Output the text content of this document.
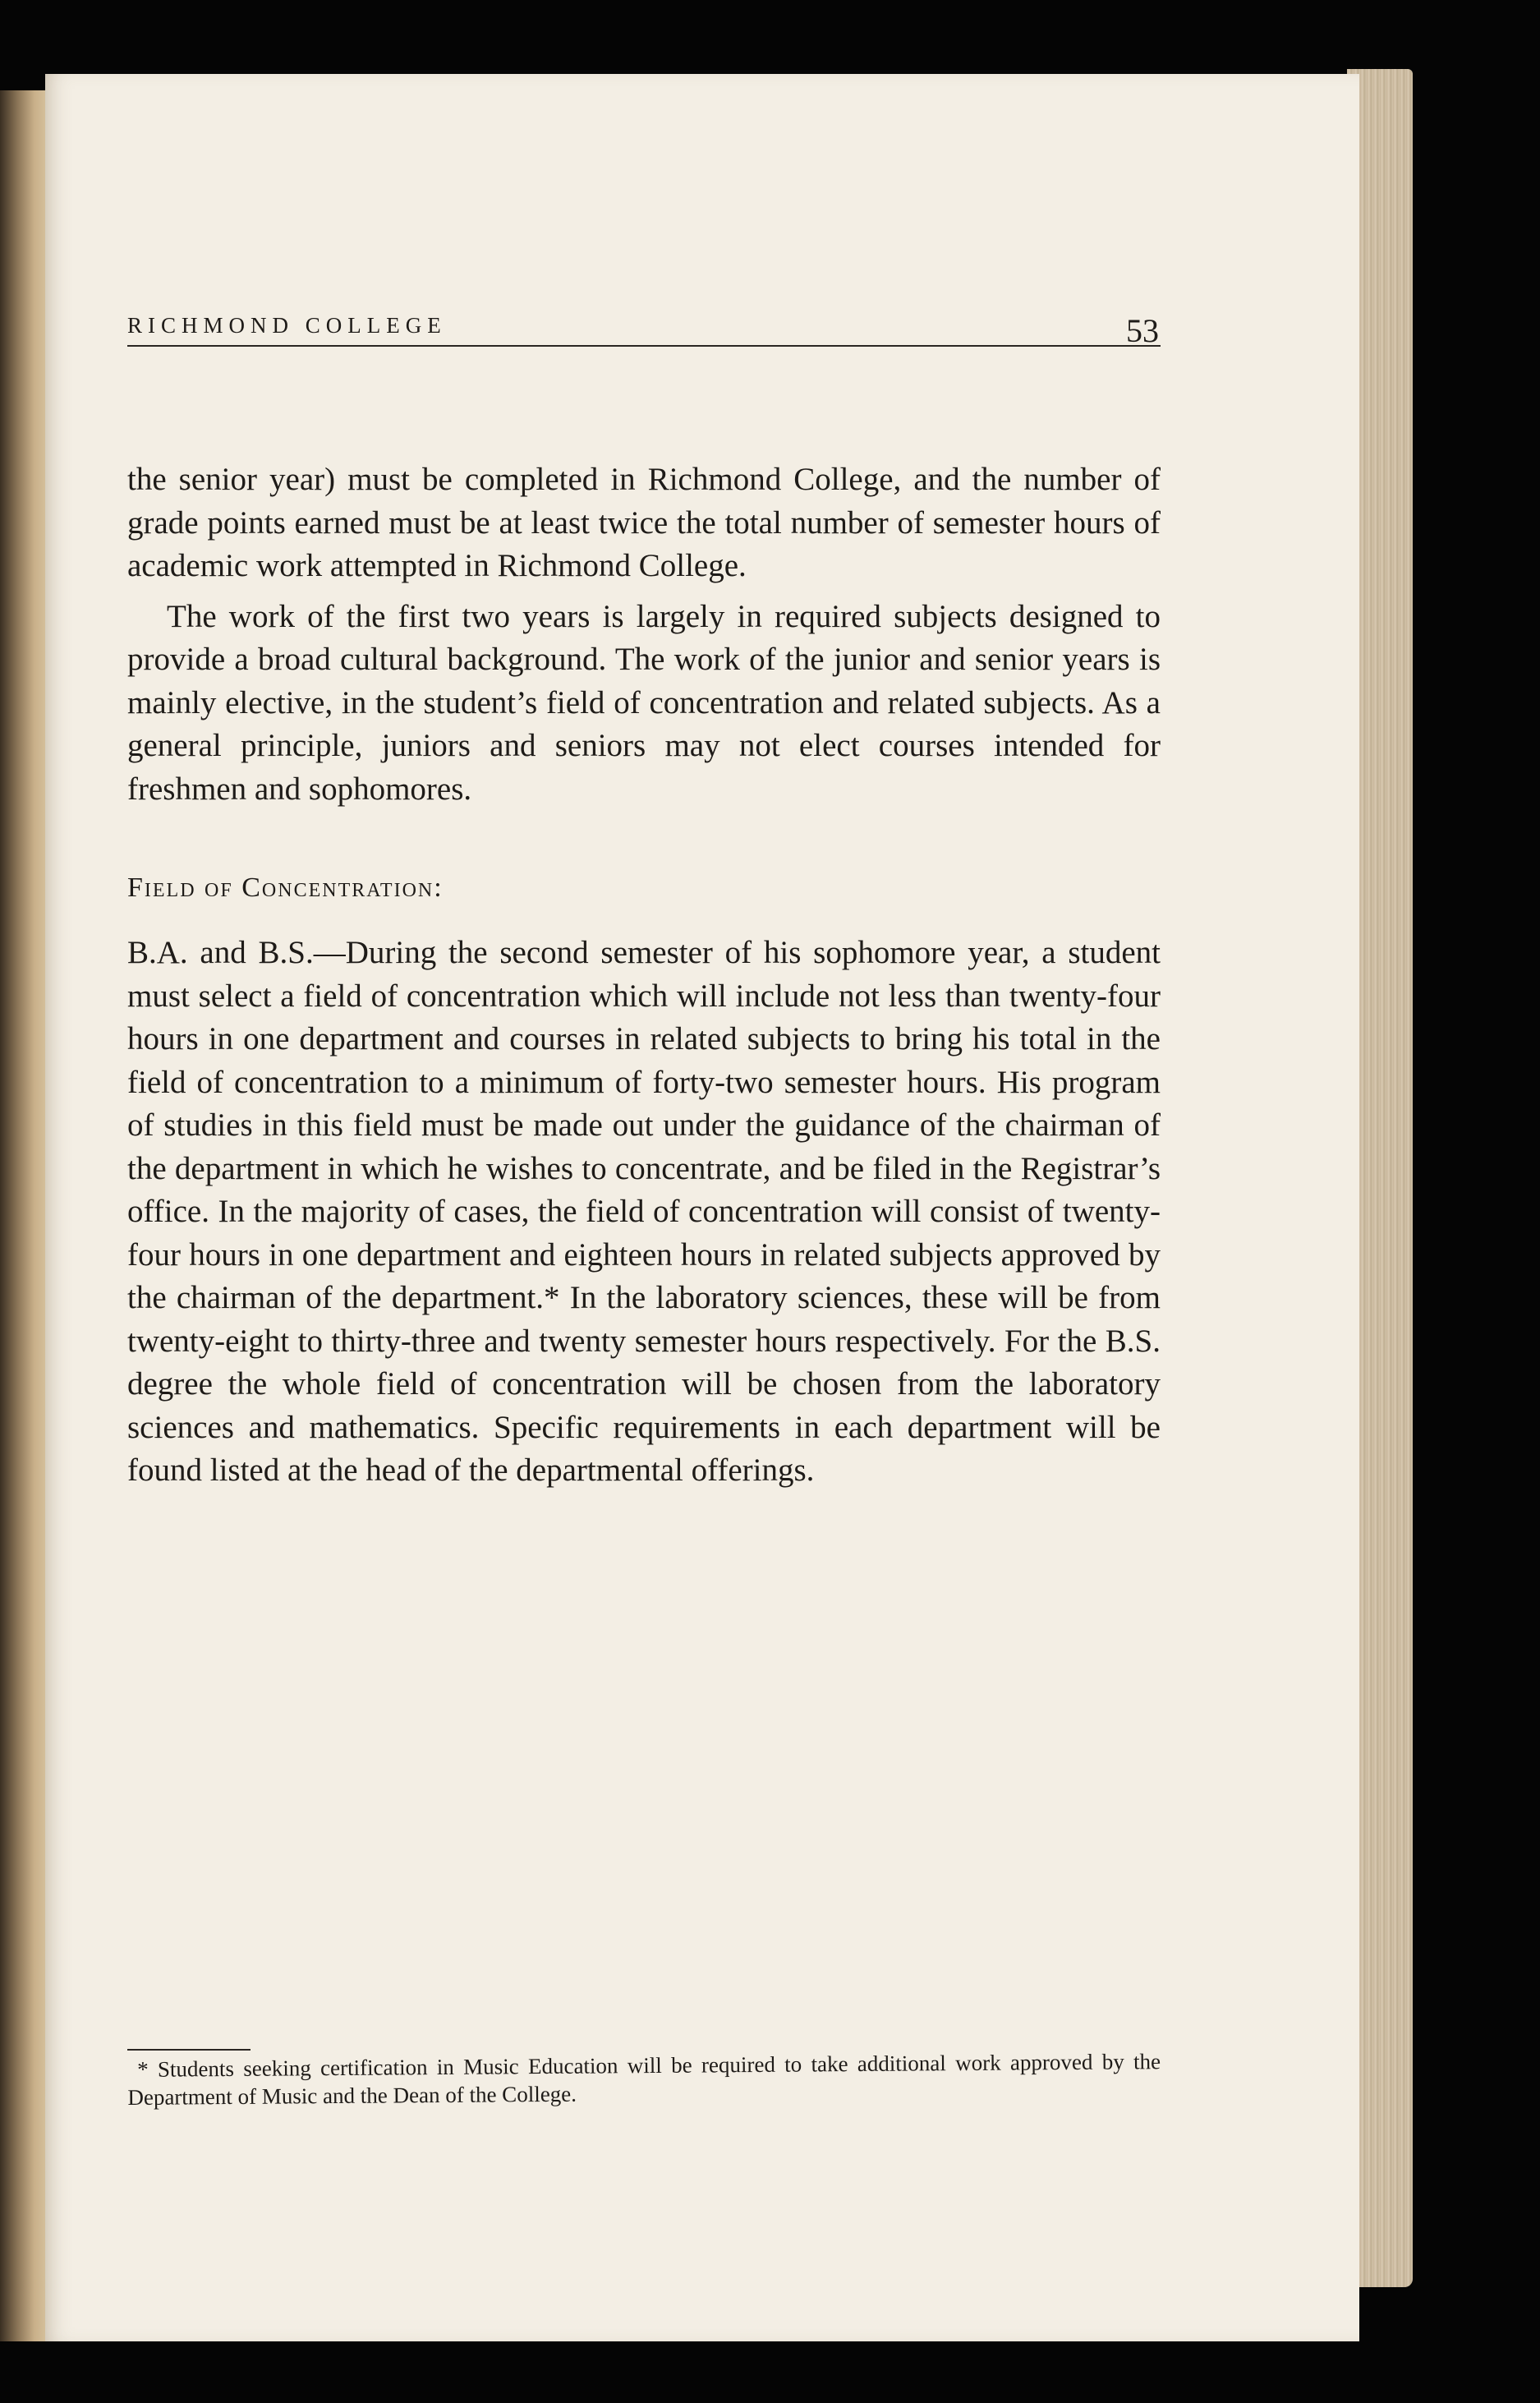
RICHMOND COLLEGE	53

the senior year) must be completed in Richmond College, and the number of grade points earned must be at least twice the total number of semester hours of academic work attempted in Richmond College.

The work of the first two years is largely in required subjects designed to provide a broad cultural background. The work of the junior and senior years is mainly elective, in the student’s field of concentration and related subjects. As a general principle, juniors and seniors may not elect courses intended for freshmen and sophomores.

Field of Concentration:

B.A. and B.S.—During the second semester of his sophomore year, a student must select a field of concentration which will include not less than twenty-four hours in one department and courses in related subjects to bring his total in the field of concentration to a minimum of forty-two semester hours. His program of studies in this field must be made out under the guidance of the chairman of the department in which he wishes to concentrate, and be filed in the Registrar’s office. In the majority of cases, the field of concentration will consist of twenty-four hours in one department and eighteen hours in related subjects approved by the chairman of the department.* In the laboratory sciences, these will be from twenty-eight to thirty-three and twenty semester hours respectively. For the B.S. degree the whole field of concentration will be chosen from the laboratory sciences and mathematics. Specific requirements in each department will be found listed at the head of the departmental offerings.

* Students seeking certification in Music Education will be required to take additional work approved by the Department of Music and the Dean of the College.
